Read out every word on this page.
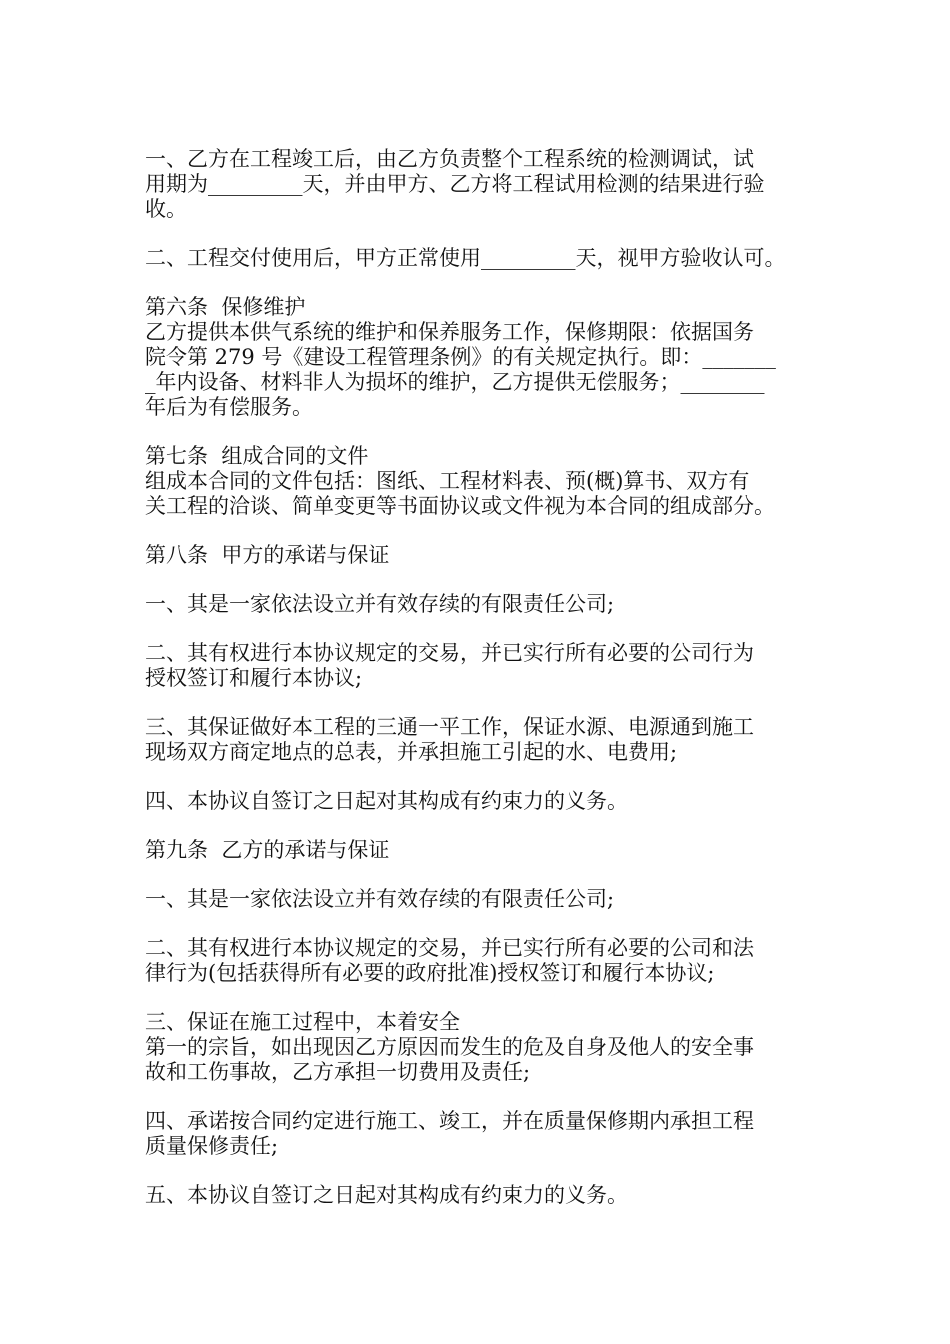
一、乙方在工程竣工后，由乙方负责整个工程系统的检测调试，试
用期为_________天，并由甲方、乙方将工程试用检测的结果进行验
收。
二、工程交付使用后，甲方正常使用_________天，视甲方验收认可。
第六条  保修维护
乙方提供本供气系统的维护和保养服务工作，保修期限：依据国务
院令第 279 号《建设工程管理条例》的有关规定执行。即：_______
_年内设备、材料非人为损坏的维护，乙方提供无偿服务；________
年后为有偿服务。
第七条  组成合同的文件
组成本合同的文件包括：图纸、工程材料表、预(概)算书、双方有
关工程的洽谈、简单变更等书面协议或文件视为本合同的组成部分。
第八条  甲方的承诺与保证
一、其是一家依法设立并有效存续的有限责任公司;
二、其有权进行本协议规定的交易，并已实行所有必要的公司行为
授权签订和履行本协议;
三、其保证做好本工程的三通一平工作，保证水源、电源通到施工
现场双方商定地点的总表，并承担施工引起的水、电费用;
四、本协议自签订之日起对其构成有约束力的义务。
第九条  乙方的承诺与保证
一、其是一家依法设立并有效存续的有限责任公司;
二、其有权进行本协议规定的交易，并已实行所有必要的公司和法
律行为(包括获得所有必要的政府批准)授权签订和履行本协议;
三、保证在施工过程中，本着安全
第一的宗旨，如出现因乙方原因而发生的危及自身及他人的安全事
故和工伤事故，乙方承担一切费用及责任;
四、承诺按合同约定进行施工、竣工，并在质量保修期内承担工程
质量保修责任;
五、本协议自签订之日起对其构成有约束力的义务。
